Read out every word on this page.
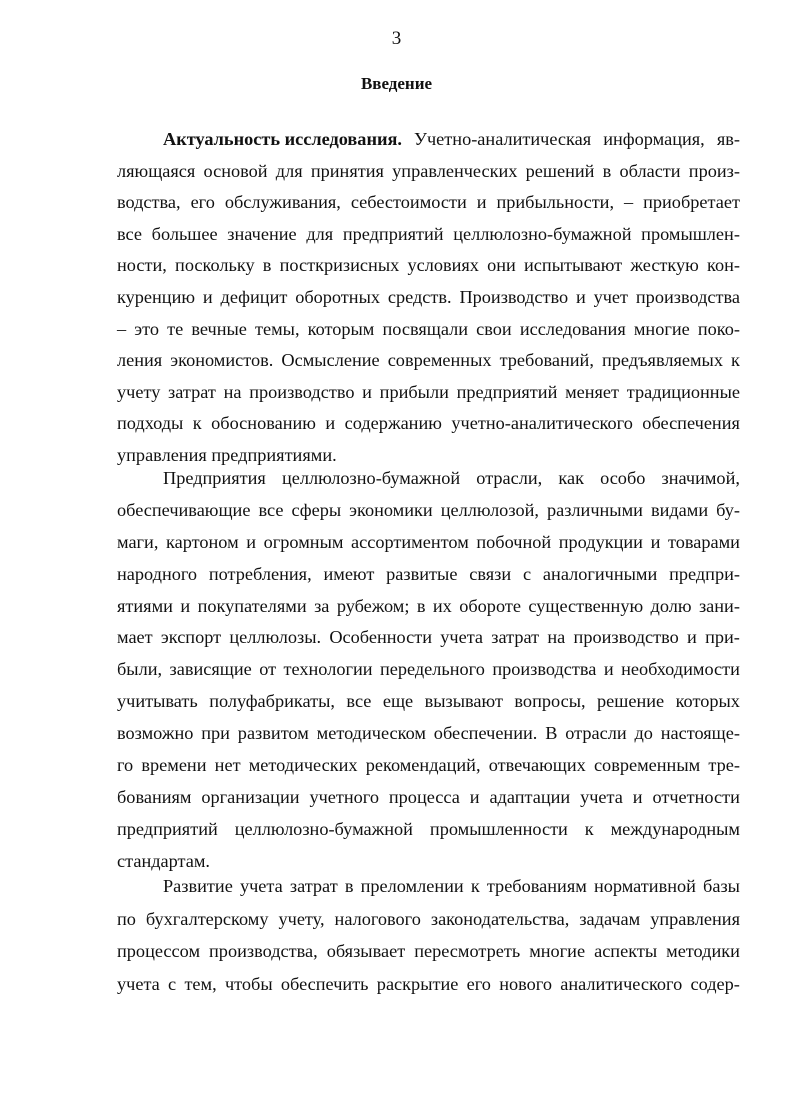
3
Введение
Актуальность исследования. Учетно-аналитическая информация, яв-
ляющаяся основой для принятия управленческих решений в области произ-
водства, его обслуживания, себестоимости и прибыльности, – приобретает
все большее значение для предприятий целлюлозно-бумажной промышлен-
ности, поскольку в посткризисных условиях они испытывают жесткую кон-
куренцию и дефицит оборотных средств. Производство и учет производства
– это те вечные темы, которым посвящали свои исследования многие поко-
ления экономистов. Осмысление современных требований, предъявляемых к
учету затрат на производство и прибыли предприятий меняет традиционные
подходы к обоснованию и содержанию учетно-аналитического обеспечения
управления предприятиями.
Предприятия целлюлозно-бумажной отрасли, как особо значимой,
обеспечивающие все сферы экономики целлюлозой, различными видами бу-
маги, картоном и огромным ассортиментом побочной продукции и товарами
народного потребления, имеют развитые связи с аналогичными предпри-
ятиями и покупателями за рубежом; в их обороте существенную долю зани-
мает экспорт целлюлозы. Особенности учета затрат на производство и при-
были, зависящие от технологии передельного производства и необходимости
учитывать полуфабрикаты, все еще вызывают вопросы, решение которых
возможно при развитом методическом обеспечении. В отрасли до настояще-
го времени нет методических рекомендаций, отвечающих современным тре-
бованиям организации учетного процесса и адаптации учета и отчетности
предприятий целлюлозно-бумажной промышленности к международным
стандартам.
Развитие учета затрат в преломлении к требованиям нормативной базы
по бухгалтерскому учету, налогового законодательства, задачам управления
процессом производства, обязывает пересмотреть многие аспекты методики
учета с тем, чтобы обеспечить раскрытие его нового аналитического содер-
